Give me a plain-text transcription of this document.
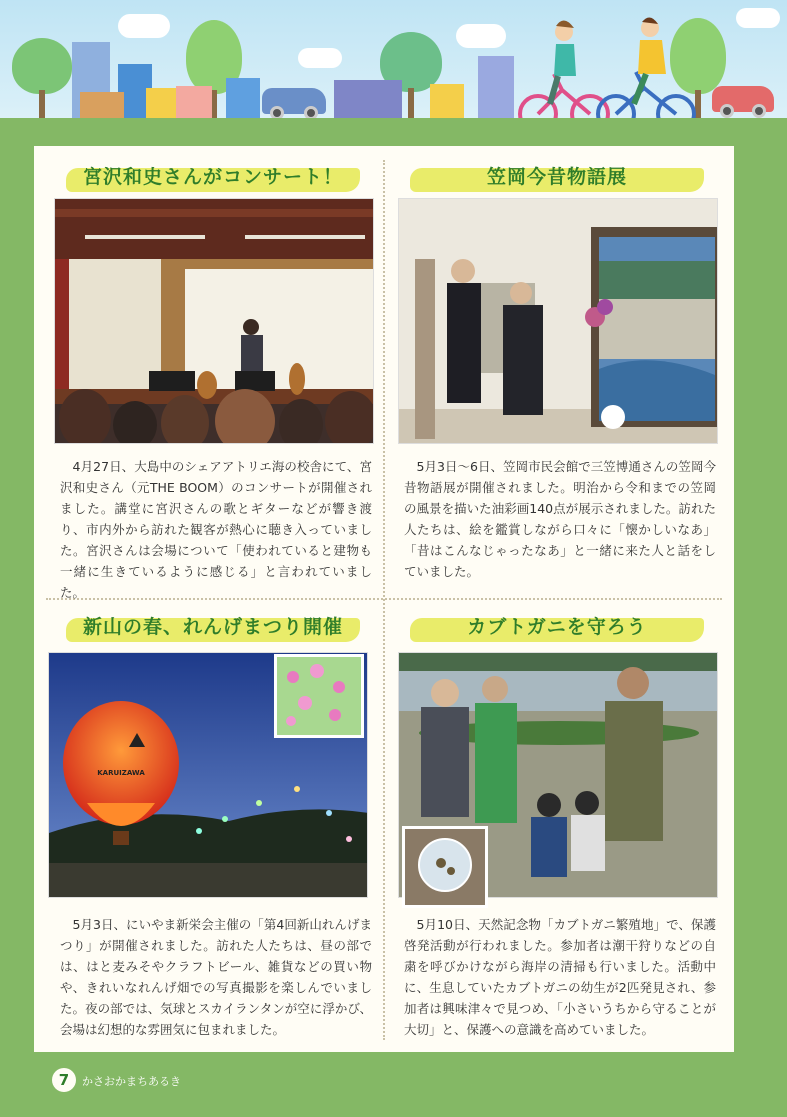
宮沢和史さんがコンサート！
　4月27日、大島中のシェアアトリエ海の校舎にて、宮沢和史さん（元THE BOOM）のコンサートが開催されました。講堂に宮沢さんの歌とギターなどが響き渡り、市内外から訪れた観客が熱心に聴き入っていました。宮沢さんは会場について「使われていると建物も一緒に生きているように感じる」と言われていました。
笠岡今昔物語展
　5月3日～6日、笠岡市民会館で三笠博通さんの笠岡今昔物語展が開催されました。明治から令和までの笠岡の風景を描いた油彩画140点が展示されました。訪れた人たちは、絵を鑑賞しながら口々に「懐かしいなあ」「昔はこんなじゃったなあ」と一緒に来た人と話をしていました。
新山の春、れんげまつり開催
KARUIZAWA
　5月3日、にいやま新栄会主催の「第4回新山れんげまつり」が開催されました。訪れた人たちは、昼の部では、はと麦みそやクラフトビール、雑貨などの買い物や、きれいなれんげ畑での写真撮影を楽しんでいました。夜の部では、気球とスカイランタンが空に浮かび、会場は幻想的な雰囲気に包まれました。
カブトガニを守ろう
　5月10日、天然記念物「カブトガニ繁殖地」で、保護啓発活動が行われました。参加者は潮干狩りなどの自粛を呼びかけながら海岸の清掃も行いました。活動中に、生息していたカブトガニの幼生が2匹発見され、参加者は興味津々で見つめ、「小さいうちから守ることが大切」と、保護への意識を高めていました。
7	かさおかまちあるき
